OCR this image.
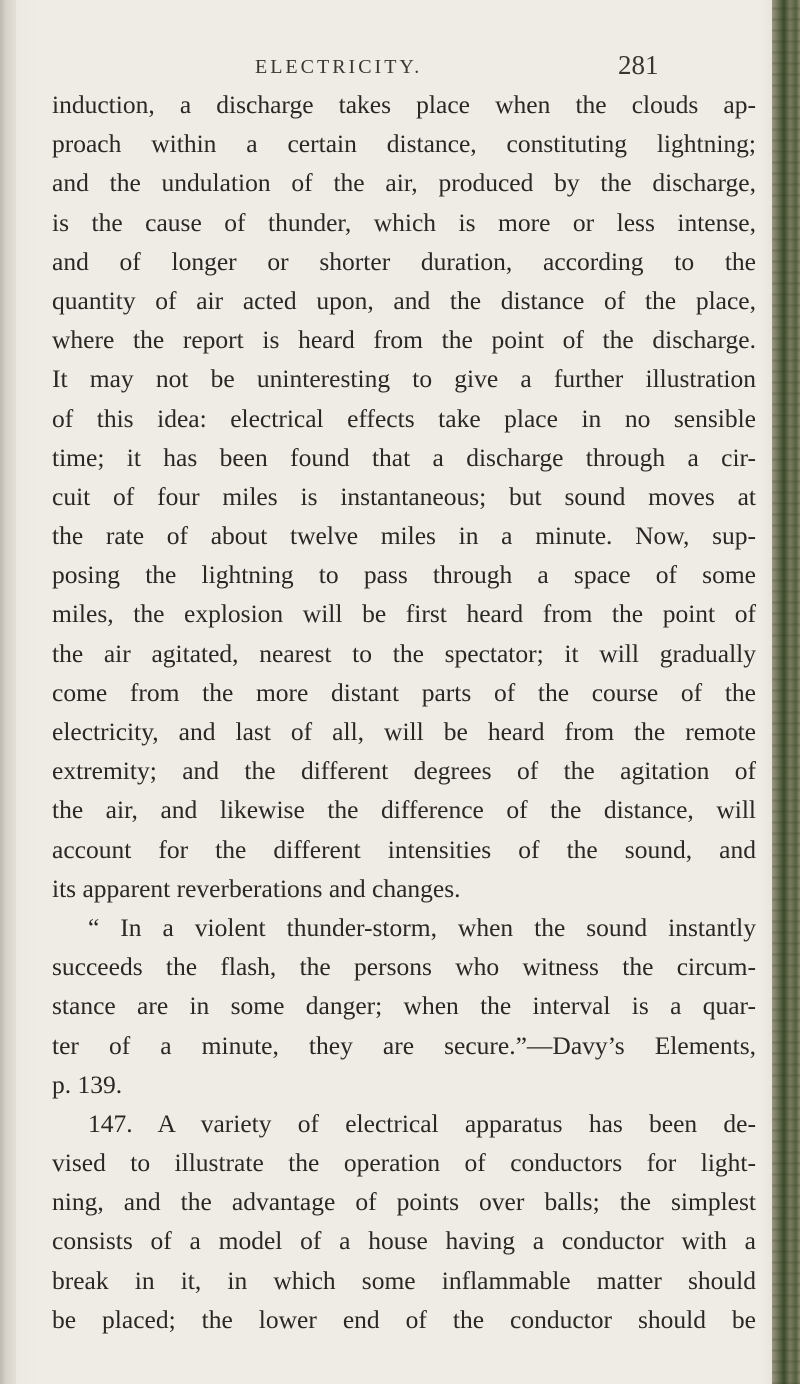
ELECTRICITY.	281
induction, a discharge takes place when the clouds ap-
proach within a certain distance, constituting lightning;
and the undulation of the air, produced by the discharge,
is the cause of thunder, which is more or less intense,
and of longer or shorter duration, according to the
quantity of air acted upon, and the distance of the place,
where the report is heard from the point of the discharge.
It may not be uninteresting to give a further illustration
of this idea: electrical effects take place in no sensible
time; it has been found that a discharge through a cir-
cuit of four miles is instantaneous; but sound moves at
the rate of about twelve miles in a minute. Now, sup-
posing the lightning to pass through a space of some
miles, the explosion will be first heard from the point of
the air agitated, nearest to the spectator; it will gradually
come from the more distant parts of the course of the
electricity, and last of all, will be heard from the remote
extremity; and the different degrees of the agitation of
the air, and likewise the difference of the distance, will
account for the different intensities of the sound, and
its apparent reverberations and changes.
“ In a violent thunder-storm, when the sound instantly
succeeds the flash, the persons who witness the circum-
stance are in some danger; when the interval is a quar-
ter of a minute, they are secure.”—Davy’s Elements,
p. 139.
147. A variety of electrical apparatus has been de-
vised to illustrate the operation of conductors for light-
ning, and the advantage of points over balls; the simplest
consists of a model of a house having a conductor with a
break in it, in which some inflammable matter should
be placed; the lower end of the conductor should be
